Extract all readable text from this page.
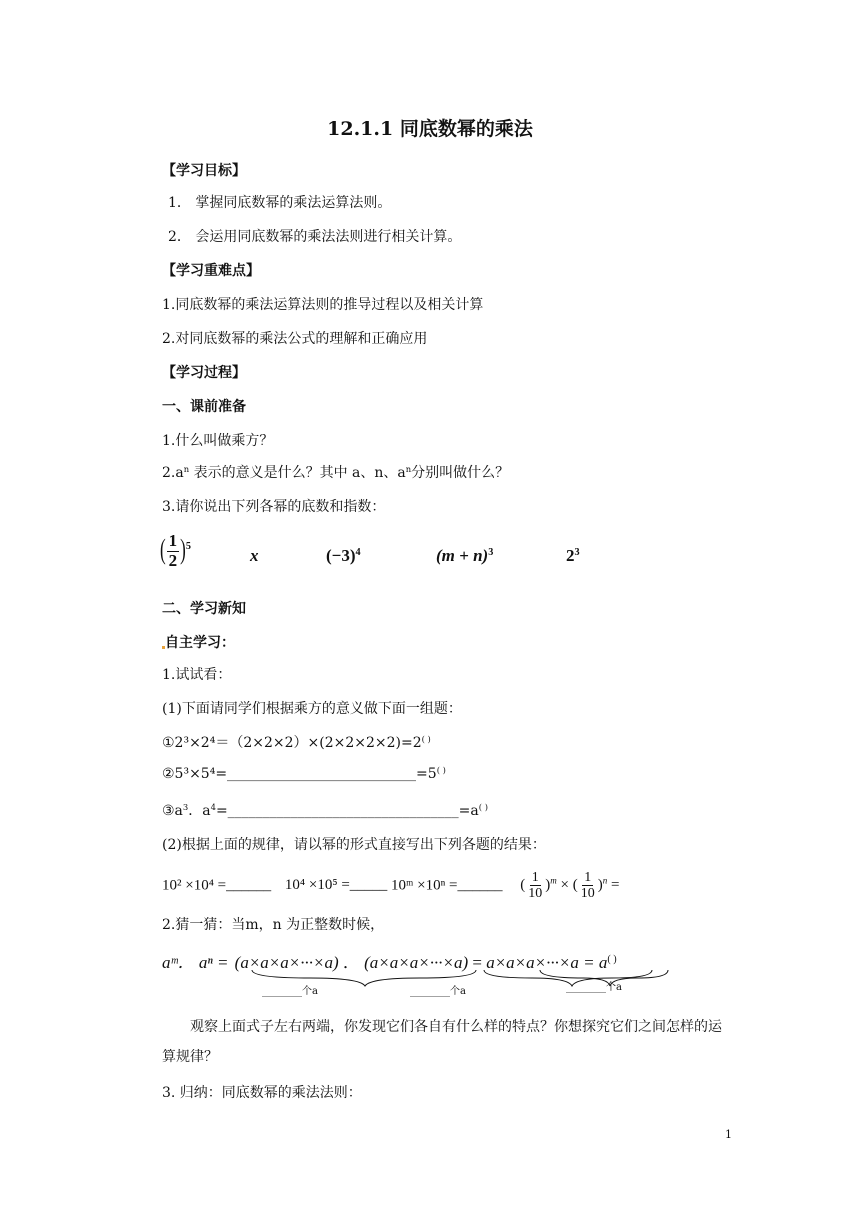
12.1.1 同底数幂的乘法
【学习目标】
1． 掌握同底数幂的乘法运算法则。
2． 会运用同底数幂的乘法法则进行相关计算。
【学习重难点】
1.同底数幂的乘法运算法则的推导过程以及相关计算
2.对同底数幂的乘法公式的理解和正确应用
【学习过程】
一、课前准备
1.什么叫做乘方？
$2.a^n$ 表示的意义是什么？其中 a、n、$a^n$分别叫做什么？
3.请你说出下列各幂的底数和指数：
( $\frac{1}{2} )^5$	x	$(-3)^4$	$(m + n)^3$	$2^3$
二、学习新知
自主学习：
1.试试看：
(1)下面请同学们根据乘方的意义做下面一组题：
①2³×2⁴＝（2×2×2）×(2×2×2×2)=2( )
②5³×5⁴=___________________________=5( )
$③a^3$．$a^4=\_\_\_\_\_\_\_\_\_\_\_\_\_\_\_\_\_\_\_\_\_\_\_\_\_\_\_\_\_\_\_\_\_=a^{( )}$
(2)根据上面的规律，请以幂的形式直接写出下列各题的结果：
10² ×10⁴ =______ 10⁴ ×10⁵ =_____ 10ᵐ ×10ⁿ =______ ( $\frac{1}{10} )^m$ × ( $\frac{1}{10} )^n$ =
2.猜一猜：当m，n 为正整数时候，
aᵐ． aⁿ = (a×a×a×···×a) ． (a×a×a×···×a) = a×a×a×···×a = a( )
________个a	________个a	________个a
观察上面式子左右两端，你发现它们各自有什么样的特点？你想探究它们之间怎样的运算规律？
3. 归纳：同底数幂的乘法法则：
1
